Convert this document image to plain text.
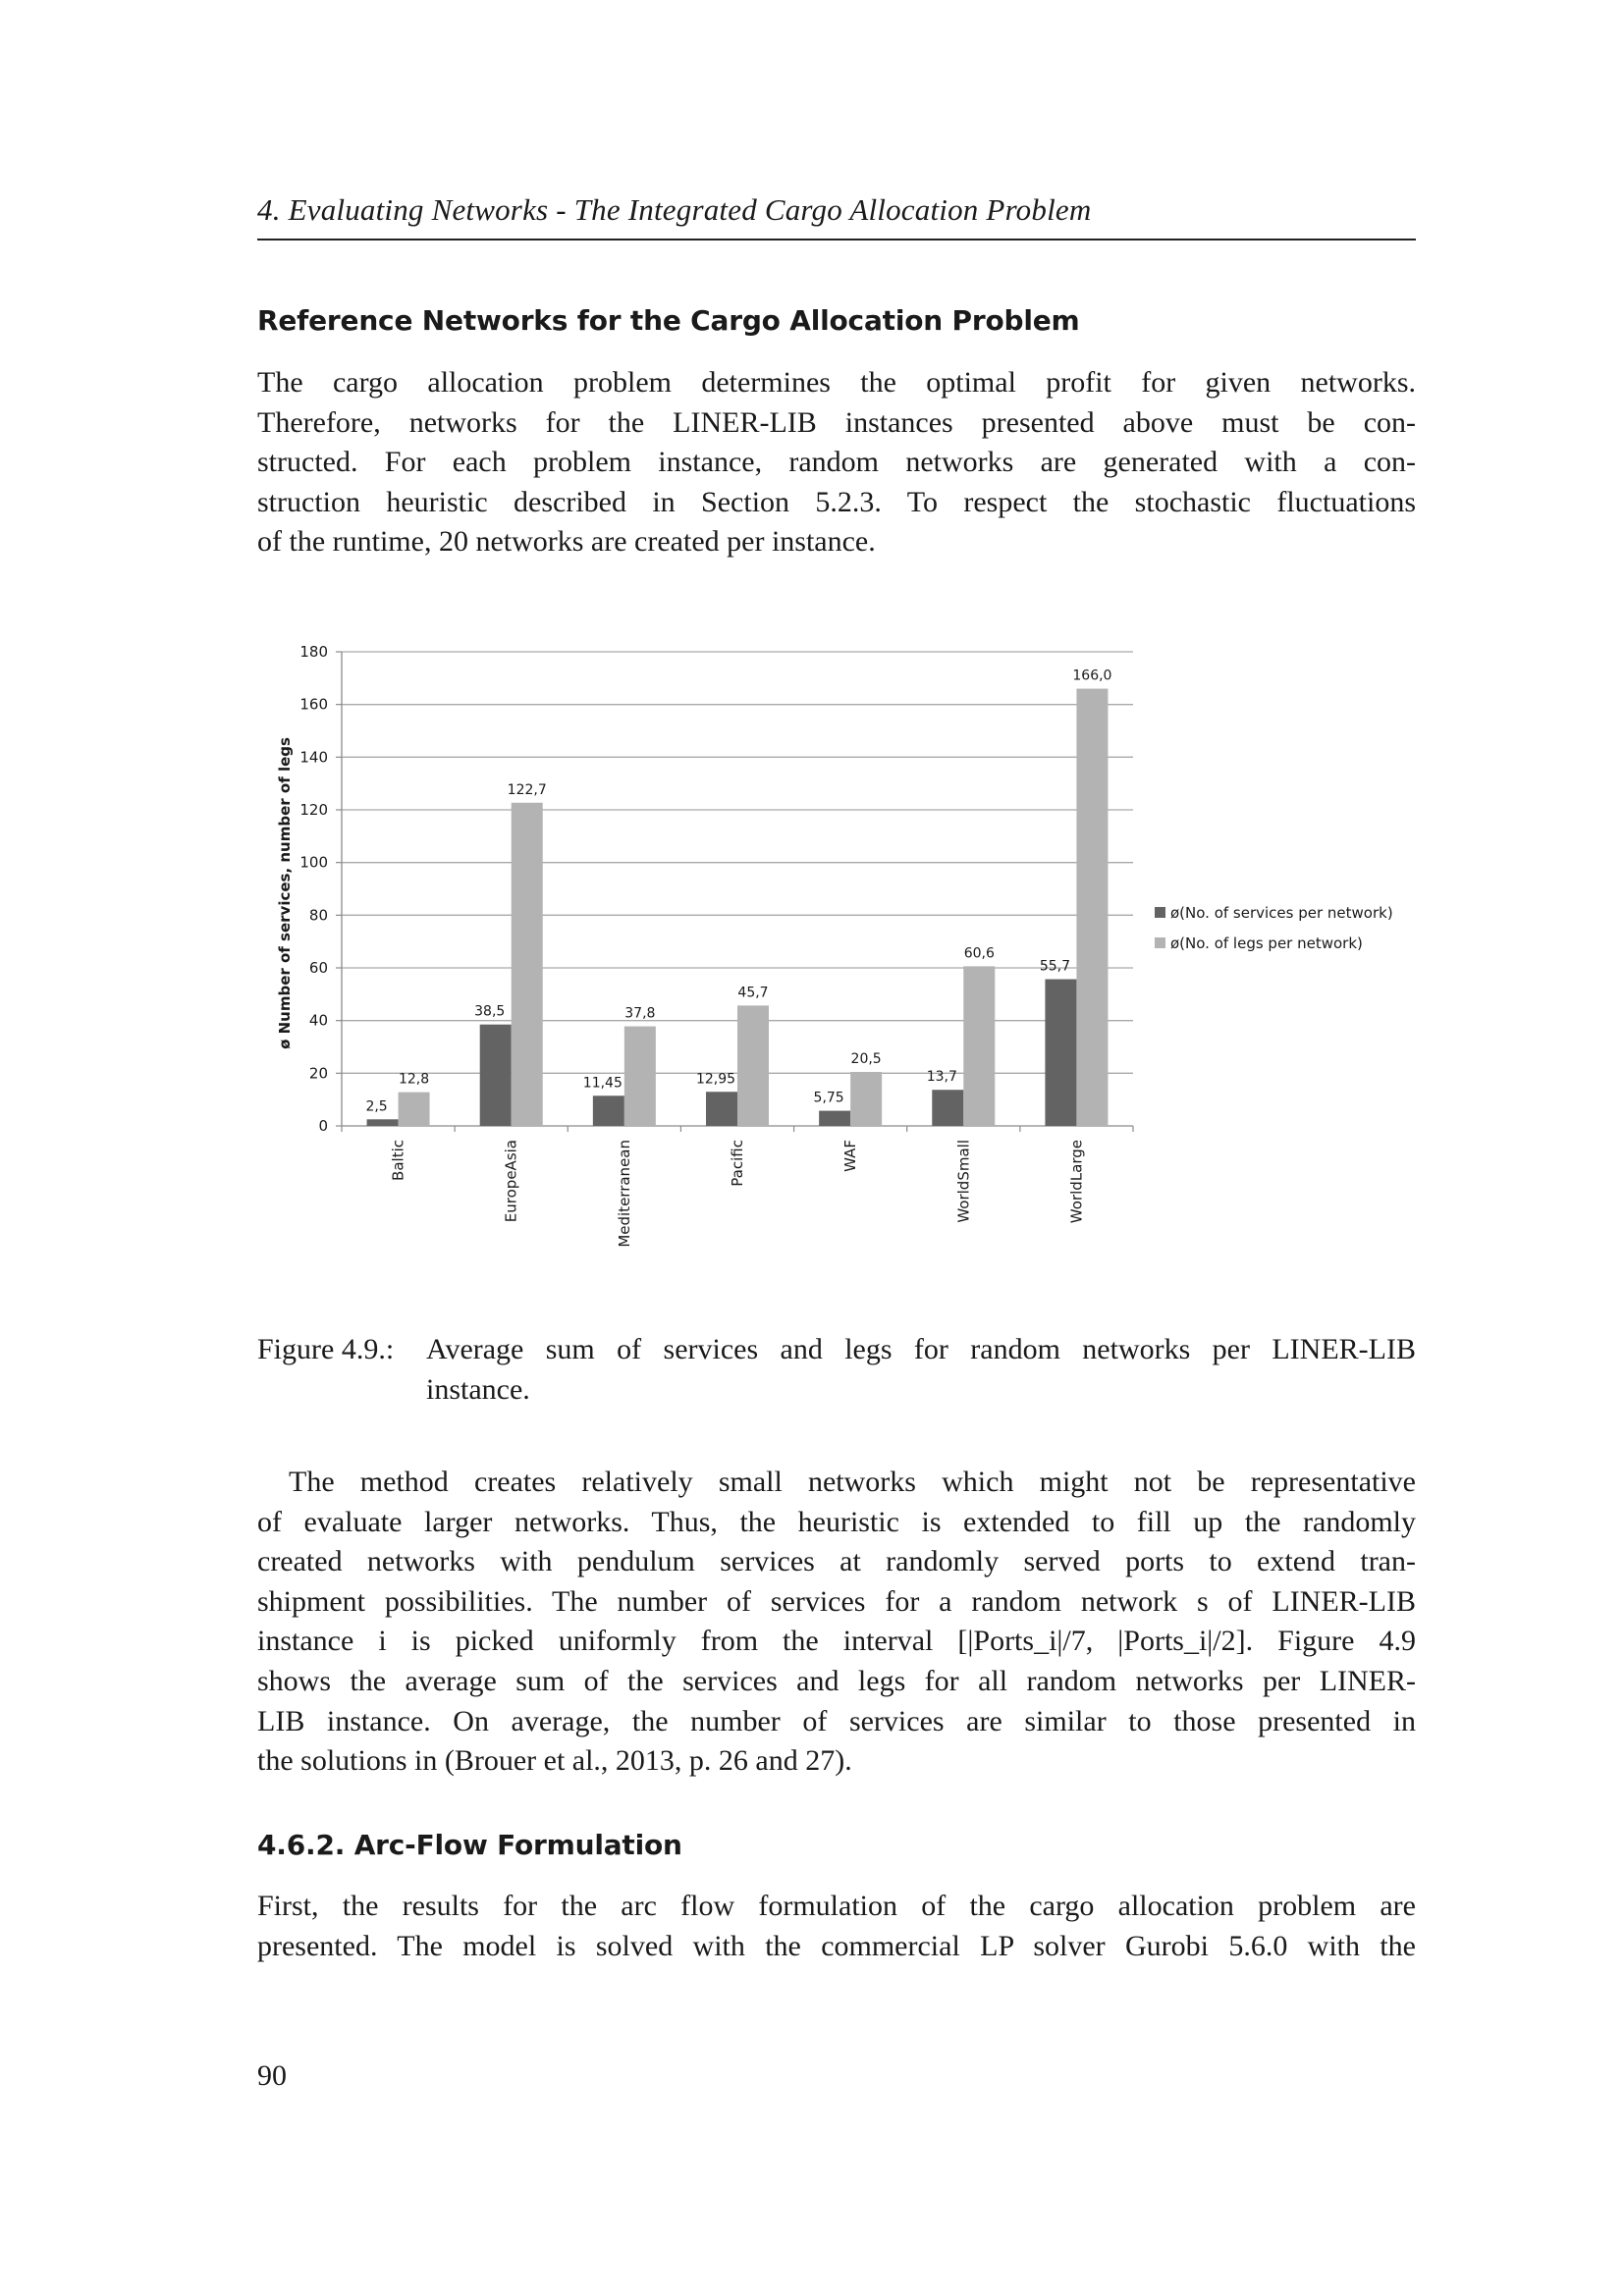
4. Evaluating Networks - The Integrated Cargo Allocation Problem
Reference Networks for the Cargo Allocation Problem
The cargo allocation problem determines the optimal profit for given networks.
Therefore, networks for the LINER-LIB instances presented above must be con-
structed. For each problem instance, random networks are generated with a con-
struction heuristic described in Section 5.2.3. To respect the stochastic fluctuations
of the runtime, 20 networks are created per instance.
2,5
12,8
38,5
122,7
11,45
37,8
12,95
45,7
5,75
20,5
13,7
60,6
55,7
166,0
0
20
40
60
80
100
120
140
160
180
Baltic	EuropeAsia	Mediterranean	Pacific	WAF	WorldSmall	WorldLarge
ø(No. of services per network)
ø(No. of legs per network)
ø Number of services, number of legs
Figure 4.9.: Average sum of services and legs for random networks per LINER-LIB
instance.
The method creates relatively small networks which might not be representative
of evaluate larger networks. Thus, the heuristic is extended to fill up the randomly
created networks with pendulum services at randomly served ports to extend tran-
shipment possibilities. The number of services for a random network s of LINER-LIB
instance i is picked uniformly from the interval [|Ports_i|/7, |Ports_i|/2]. Figure 4.9
shows the average sum of the services and legs for all random networks per LINER-
LIB instance. On average, the number of services are similar to those presented in
the solutions in (Brouer et al., 2013, p. 26 and 27).
4.6.2. Arc-Flow Formulation
First, the results for the arc flow formulation of the cargo allocation problem are
presented. The model is solved with the commercial LP solver Gurobi 5.6.0 with the
90
